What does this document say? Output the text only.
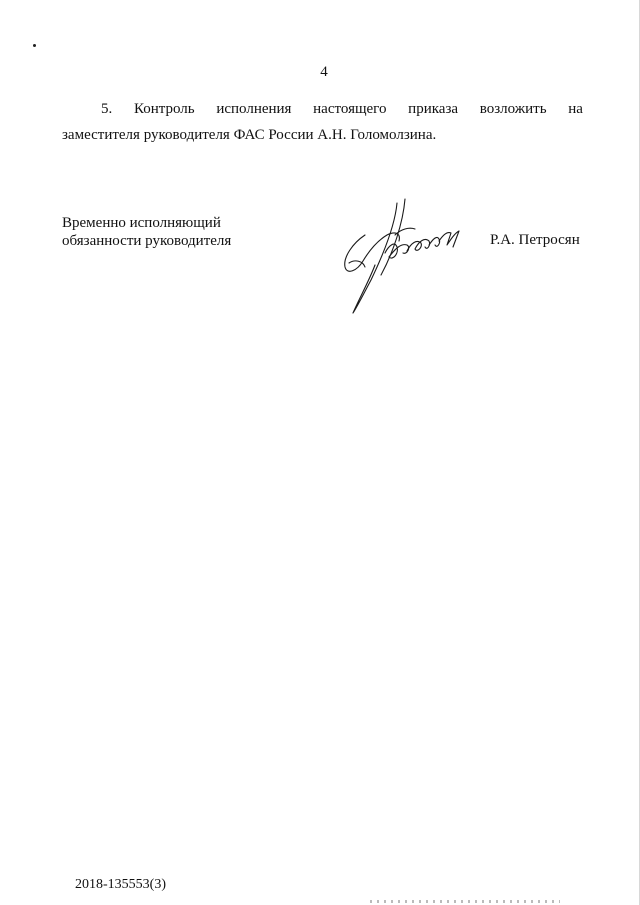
4
5. Контроль исполнения настоящего приказа возложить на
заместителя руководителя ФАС России А.Н. Голомолзина.
Временно исполняющий
обязанности руководителя	Р.А. Петросян
2018-135553(3)
